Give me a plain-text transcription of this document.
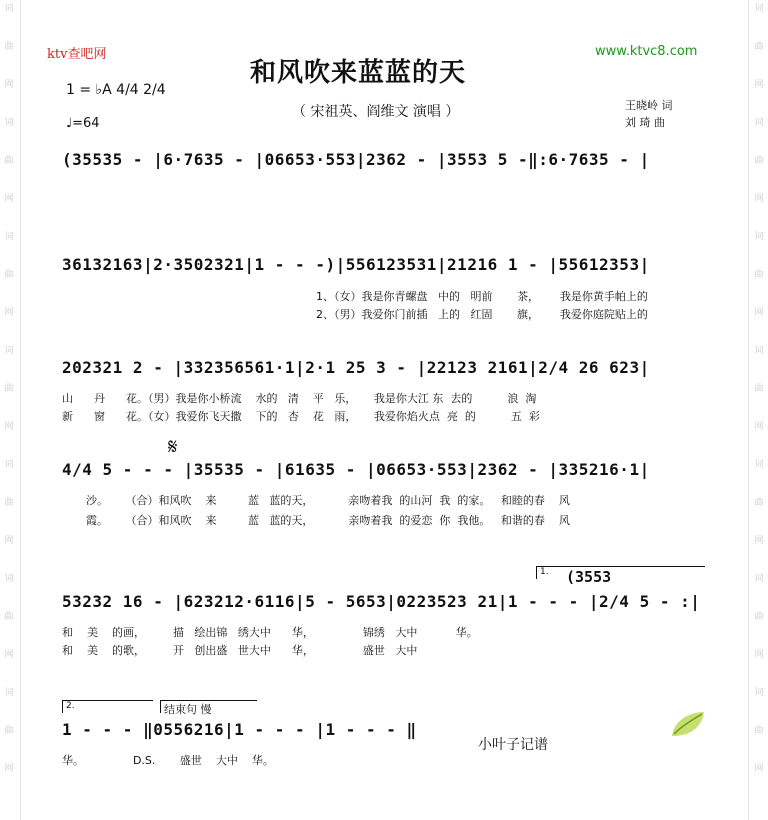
词
曲
网
词
曲
网
词
曲
网
词
曲
网
词
曲
网
词
曲
网
词
曲
网
词
曲
网
词
曲
网
词
曲
网
词
曲
网
词
曲
网
词
曲
网
词
曲
网
ktv查吧网	www.ktvc8.com
和风吹来蓝蓝的天
（ 宋祖英、阎维文 演唱 ）	王晓岭 词
刘 琦 曲
1 = ♭A 4/4 2/4
♩=64
(35535 - |6·7635 - |06653·553|2362 - |3553 5 -‖:6·7635 - |
36132163|2·3502321|1 - - -)|556123531|21216 1 - |55612353|
1、（女）我是你青螺盘   中的   明前       茶，      我是你黄手帕上的
2、（男）我爱你门前插   上的   红固       旗，      我爱你庭院贴上的
202321 2 - |332356561·1|2·1 25 3 - |22123 2161|2/4 26 623|
山      丹      花。（男）我是你小桥流    水的   清    平   乐，     我是你大江 东  去的          浪  淘
新      窗      花。（女）我爱你飞天撒    下的   杏    花   雨，     我爱你焰火点  亮  的          五  彩
𝄋
4/4 5 - - - |35535 - |61635 - |06653·553|2362 - |335216·1|
沙。     （合）和风吹    来         蓝   蓝的天，          亲吻着我  的山河  我  的家。   和睦的春    风
霞。     （合）和风吹    来         蓝   蓝的天，          亲吻着我  的爱恋  你  我他。   和谐的春    风
1. (3553
53232 16 - |623212·6116|5 - 5653|0223523 21|1 - - - |2/4 5 - :|
和    美    的画，        描   绘出锦   绣大中      华，              锦绣   大中           华。
和    美    的歌，        开   创出盛   世大中      华，              盛世   大中
2.	结束句 慢
1 - - - ‖0556216|1 - - - |1 - - - ‖
华。              D.S.       盛世    大中    华。
小叶子记谱
